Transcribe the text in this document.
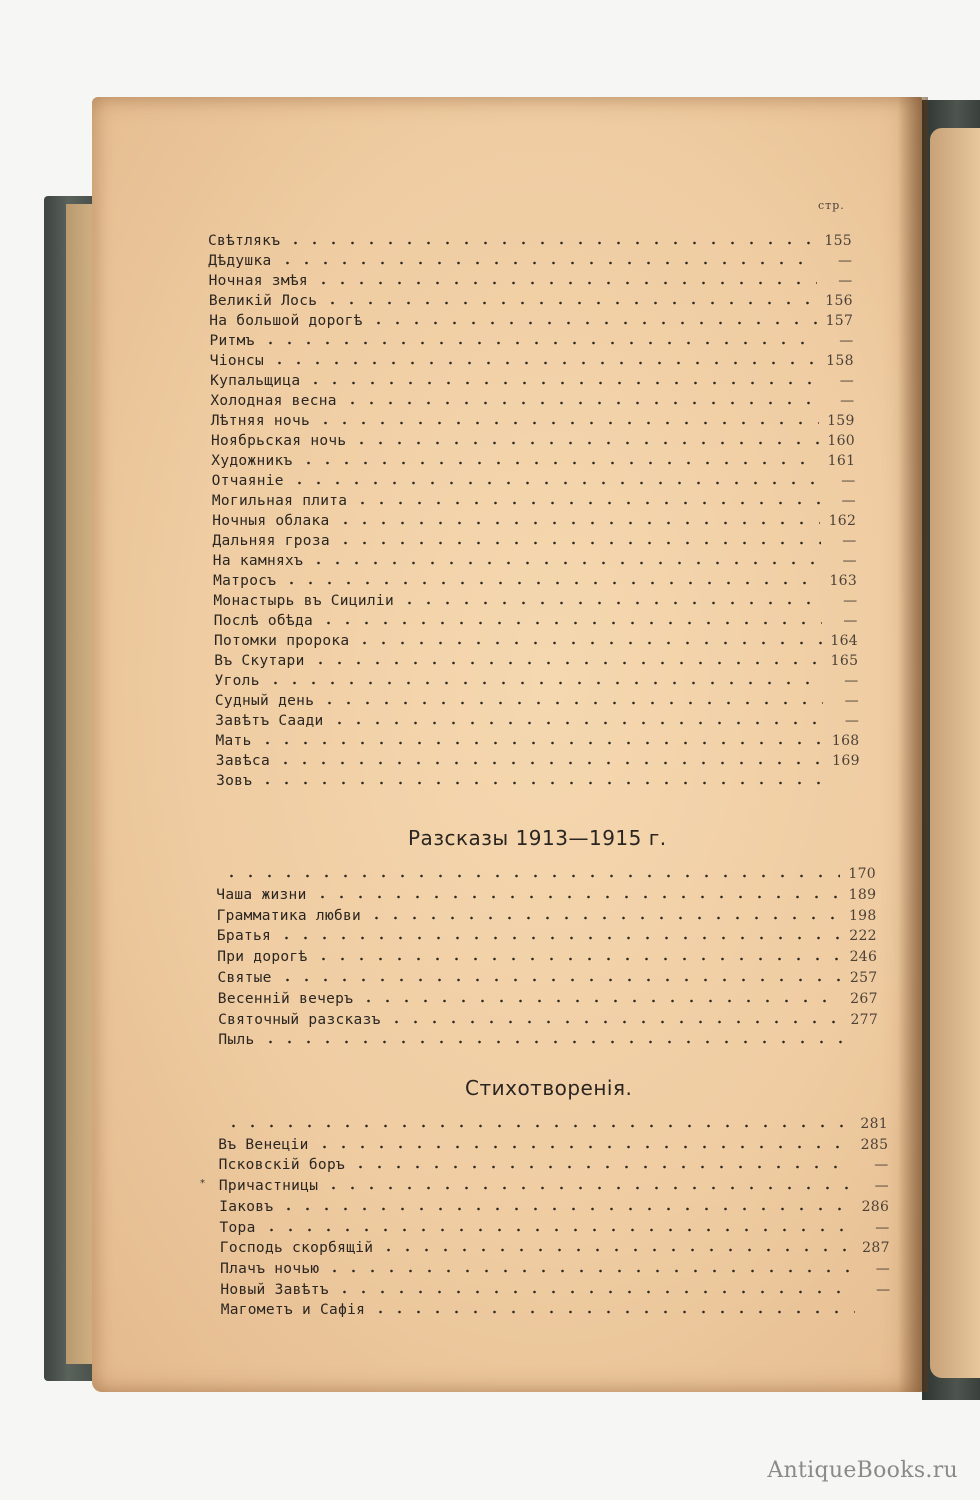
стр.
Свѣтлякъ	155
Дѣдушка	—
Ночная змѣя	—
Великій Лось	156
На большой дорогѣ	157
Ритмъ	—
Чіонсы	158
Купальщица	—
Холодная весна	—
Лѣтняя ночь	159
Ноябрьская ночь	160
Художникъ	161
Отчаяніе	—
Могильная плита	—
Ночныя облака	162
Дальняя гроза	—
На камняхъ	—
Матросъ	163
Монастырь въ Сициліи	—
Послѣ обѣда	—
Потомки пророка	164
Въ Скутари	165
Уголь	—
Судный день	—
Завѣтъ Саади	—
Мать	168
Завѣса	169
Зовъ
Разсказы 1913—1915 г.
170
Чаша жизни	189
Грамматика любви	198
Братья	222
При дорогѣ	246
Святые	257
Весенній вечеръ	267
Святочный разсказъ	277
Пыль
Стихотворенія.
281
Въ Венеціи	285
Псковскій боръ	—
Причастницы	—
Іаковъ	286
Тора	—
Господь скорбящій	287
Плачъ ночью	—
Новый Завѣтъ	—
Магометъ и Сафія
*
AntiqueBooks.ru
